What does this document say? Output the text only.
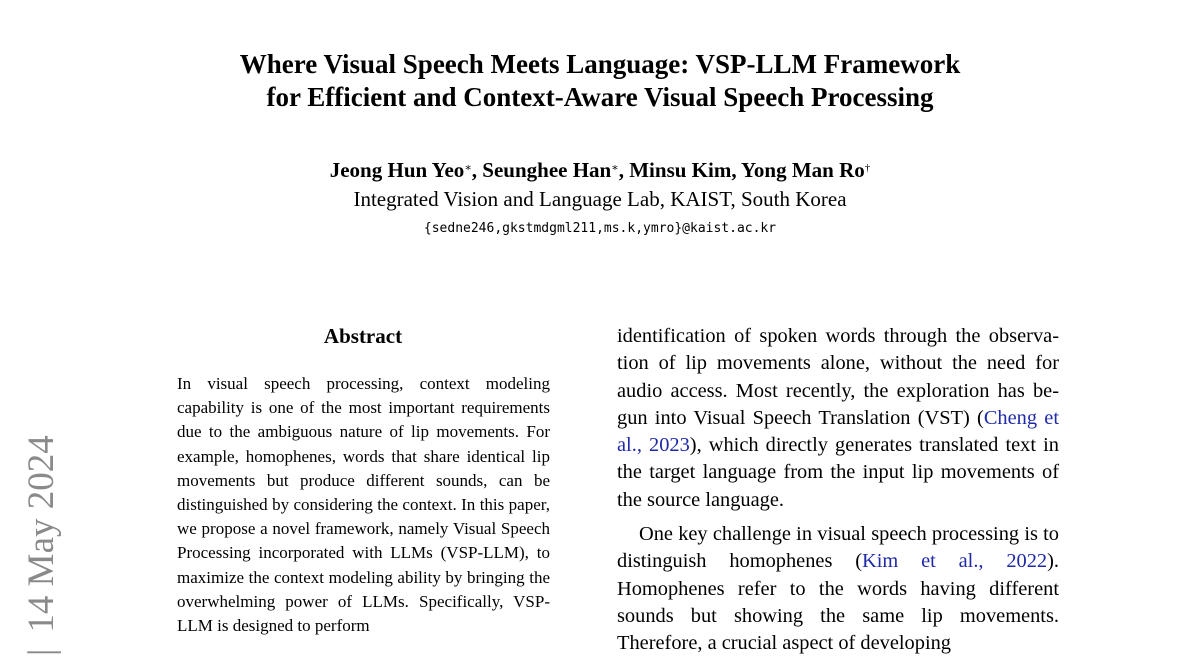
Where Visual Speech Meets Language: VSP-LLM Framework
for Efficient and Context-Aware Visual Speech Processing
Jeong Hun Yeo∗, Seunghee Han∗, Minsu Kim, Yong Man Ro†
Integrated Vision and Language Lab, KAIST, South Korea
{sedne246,gkstmdgml211,ms.k,ymro}@kaist.ac.kr
|14 May 2024
Abstract
In visual speech processing, context modeling capability is one of the most important requirements due to the ambiguous nature of lip movements. For example, homophenes, words that share identical lip movements but produce different sounds, can be distinguished by considering the context. In this paper, we propose a novel framework, namely Visual Speech Processing incorporated with LLMs (VSP-LLM), to maximize the context modeling ability by bringing the overwhelming power of LLMs. Specifically, VSP-LLM is designed to perform

identification of spoken words through the observation of lip movements alone, without the need for audio access. Most recently, the exploration has begun into Visual Speech Translation (VST) (Cheng et al., 2023), which directly generates translated text in the target language from the input lip movements of the source language.

One key challenge in visual speech processing is to distinguish homophenes (Kim et al., 2022). Homophenes refer to the words having different sounds but showing the same lip movements. Therefore, a crucial aspect of developing
